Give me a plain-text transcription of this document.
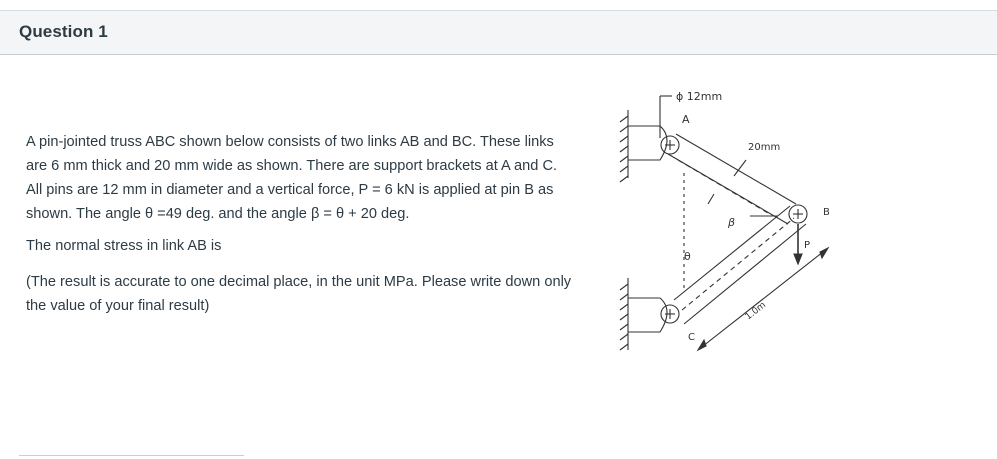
Question 1

A pin-jointed truss ABC shown below consists of two links AB and BC. These links
are 6 mm thick and 20 mm wide as shown. There are support brackets at A and C.
All pins are 12 mm in diameter and a vertical force, P = 6 kN is applied at pin B as
shown. The angle θ =49 deg. and the angle β = θ + 20 deg.

The normal stress in link AB is

(The result is accurate to one decimal place, in the unit MPa. Please write down only
the value of your final result)

ϕ 12mm
A
20mm
B
β
θ
P
C
1.0m
